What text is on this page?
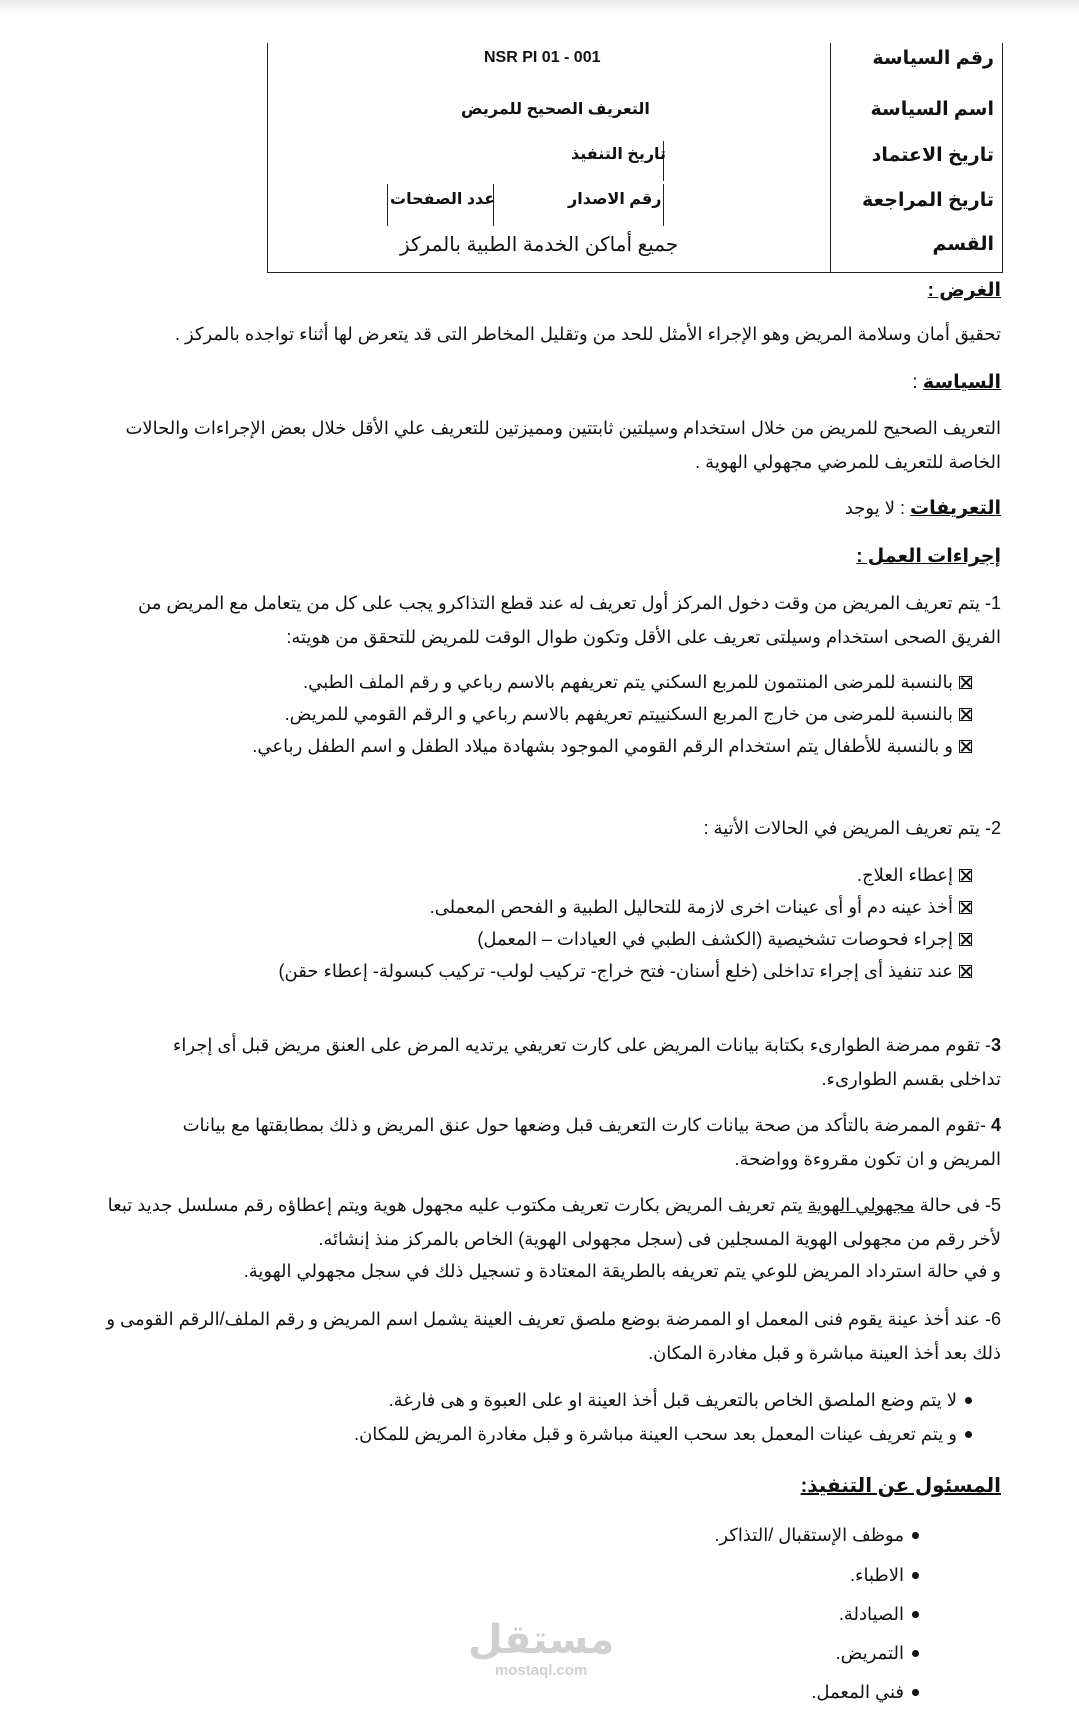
رقم السياسة
NSR PI 01 - 001
اسم السياسة
التعريف الصحيح للمريض
تاريخ الاعتماد
تاريخ التنفيذ
تاريخ المراجعة
رقم الاصدار
عدد الصفحات
القسم
جميع أماكن الخدمة الطبية بالمركز
الغرض :
تحقيق أمان وسلامة المريض وهو الإجراء الأمثل للحد من وتقليل المخاطر التى قد يتعرض لها أثناء تواجده بالمركز .
السياسة :
التعريف الصحيح للمريض من خلال استخدام وسيلتين ثابتتين ومميزتين للتعريف علي الأقل خلال بعض الإجراءات والحالات
الخاصة للتعريف للمرضي مجهولي الهوية .
التعريفات : لا يوجد
إجراءات العمل :
1- يتم تعريف المريض من وقت دخول المركز أول تعريف له عند قطع التذاكرو يجب على كل من يتعامل مع المريض من
الفريق الصحى استخدام وسيلتى تعريف على الأقل وتكون طوال الوقت للمريض للتحقق من هويته:
بالنسبة للمرضى المنتمون للمربع السكني يتم تعريفهم بالاسم رباعي و رقم الملف الطبي.
بالنسبة للمرضى من خارج المربع السكنييتم تعريفهم بالاسم رباعي و الرقم القومي للمريض.
و بالنسبة للأطفال يتم استخدام الرقم القومي الموجود بشهادة ميلاد الطفل و اسم الطفل رباعي.
2- يتم تعريف المريض في الحالات الأتية :
إعطاء العلاج.
أخذ عينه دم أو أى عينات اخرى لازمة للتحاليل الطبية و الفحص المعملى.
إجراء فحوصات تشخيصية (الكشف الطبي في العيادات – المعمل)
عند تنفيذ أى إجراء تداخلى (خلع أسنان- فتح خراج- تركيب لولب- تركيب كبسولة- إعطاء حقن)
3- تقوم ممرضة الطوارىء بكتابة بيانات المريض على كارت تعريفي يرتديه المرض على العنق مريض قبل أى إجراء
تداخلى بقسم الطوارىء.
4 -تقوم الممرضة بالتأكد من صحة بيانات كارت التعريف قبل وضعها حول عنق المريض و ذلك بمطابقتها مع بيانات
المريض و ان تكون مقروءة وواضحة.
5- فى حالة مجهولي الهوية يتم تعريف المريض بكارت تعريف مكتوب عليه مجهول هوية ويتم إعطاؤه رقم مسلسل جديد تبعا
لأخر رقم من مجهولى الهوية المسجلين فى (سجل مجهولى الهوية) الخاص بالمركز منذ إنشائه.
و في حالة استرداد المريض للوعي يتم تعريفه بالطريقة المعتادة و تسجيل ذلك في سجل مجهولي الهوية.
6- عند أخذ عينة يقوم فنى المعمل او الممرضة بوضع ملصق تعريف العينة يشمل اسم المريض و رقم الملف/الرقم القومى و
ذلك بعد أخذ العينة مباشرة و قبل مغادرة المكان.
لا يتم وضع الملصق الخاص بالتعريف قبل أخذ العينة او على العبوة و هى فارغة.
و يتم تعريف عينات المعمل بعد سحب العينة مباشرة و قبل مغادرة المريض للمكان.
المسئول عن التنفيذ:
موظف الإستقبال /التذاكر.
الاطباء.
الصيادلة.
التمريض.
فني المعمل.
مستقل
mostaql.com
